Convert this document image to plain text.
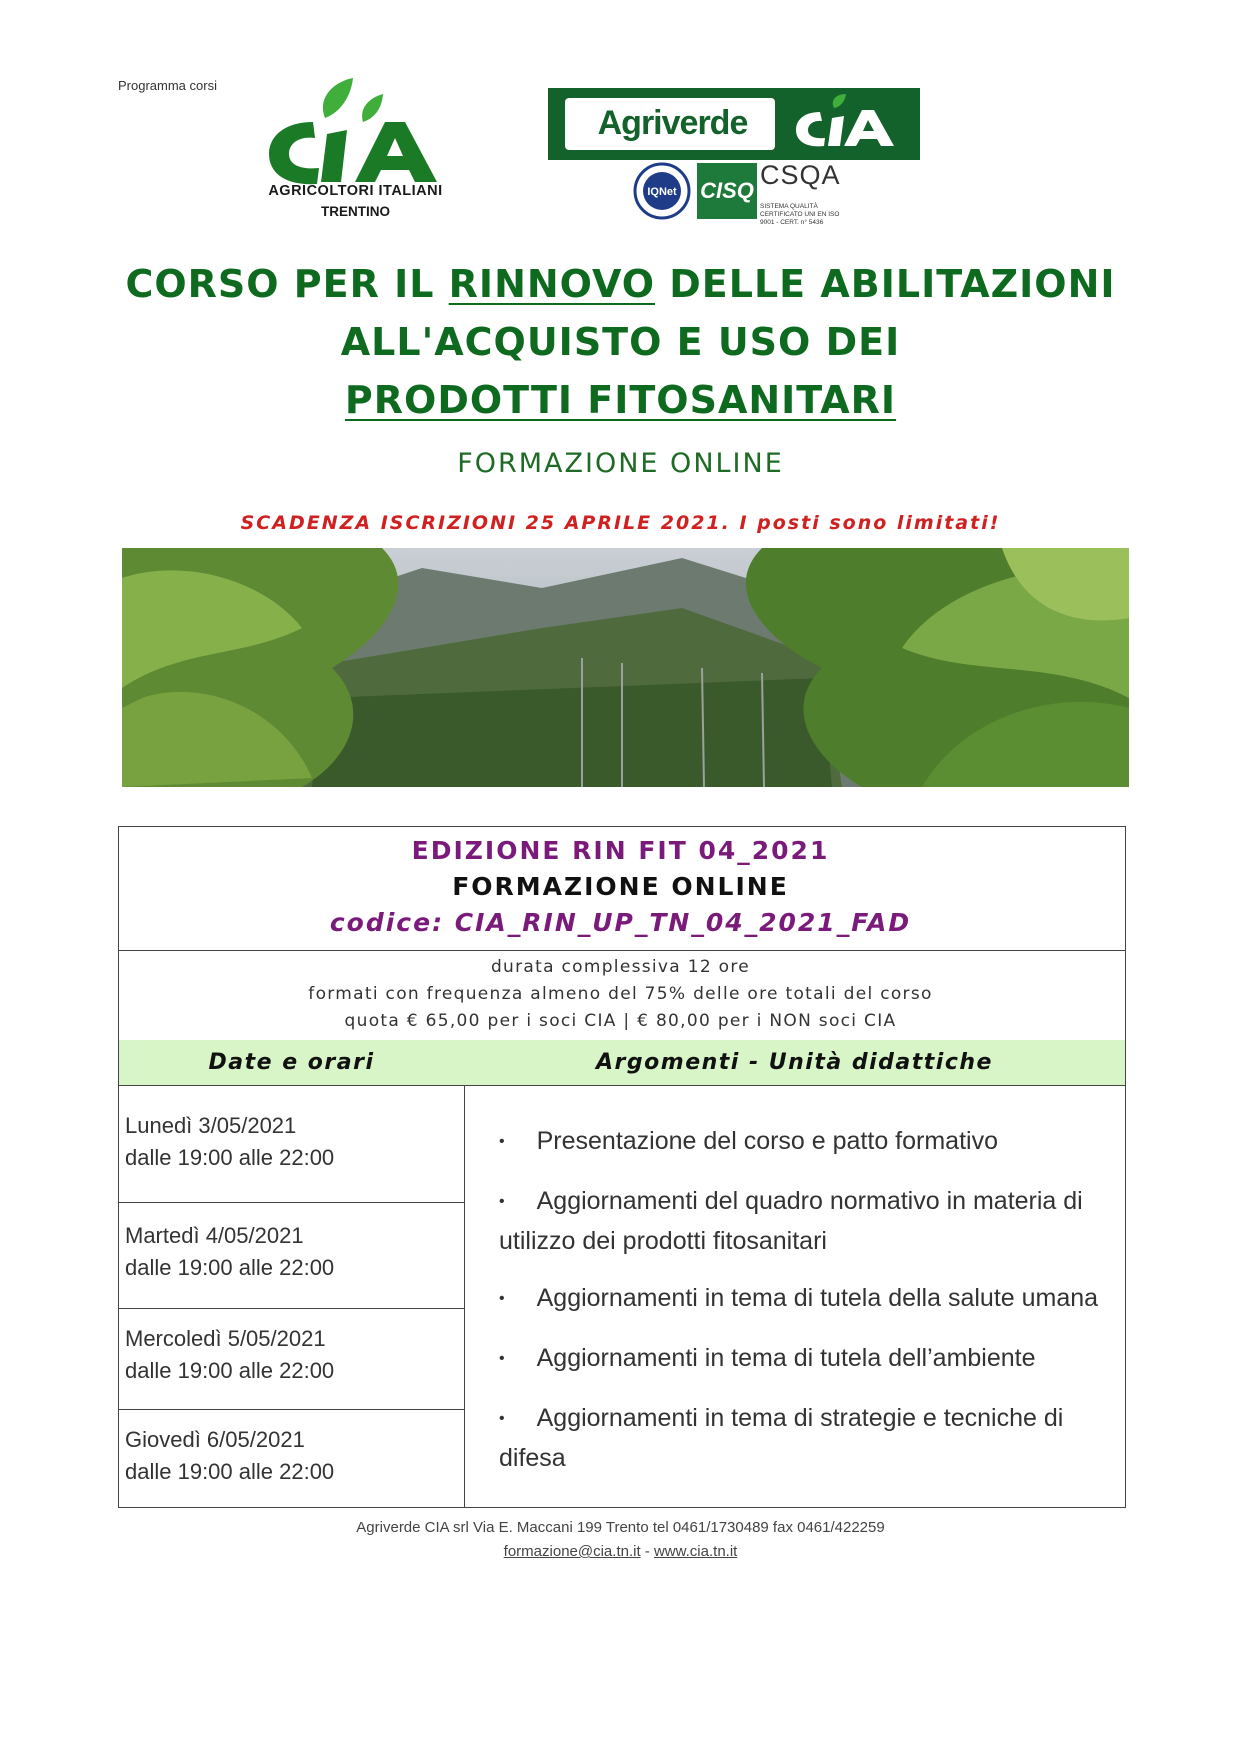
Programma corsi
AGRICOLTORI ITALIANI
TRENTINO
Agriverde
IQNet CISQ
CSQA
SISTEMA QUALITÀ CERTIFICATO UNI EN ISO 9001 - CERT. n° 5436
CORSO PER IL RINNOVO DELLE ABILITAZIONI
ALL'ACQUISTO E USO DEI
PRODOTTI FITOSANITARI
FORMAZIONE ONLINE
SCADENZA ISCRIZIONI 25 APRILE 2021. I posti sono limitati!
EDIZIONE RIN FIT 04_2021
FORMAZIONE ONLINE
codice: CIA_RIN_UP_TN_04_2021_FAD
durata complessiva 12 ore
formati con frequenza almeno del 75% delle ore totali del corso
quota € 65,00 per i soci CIA | € 80,00 per i NON soci CIA
Date e orari	Argomenti - Unità didattiche
Lunedì 3/05/2021
dalle 19:00 alle 22:00
Martedì 4/05/2021
dalle 19:00 alle 22:00
Mercoledì 5/05/2021
dalle 19:00 alle 22:00
Giovedì 6/05/2021
dalle 19:00 alle 22:00
• Presentazione del corso e patto formativo
• Aggiornamenti del quadro normativo in materia di utilizzo dei prodotti fitosanitari
• Aggiornamenti in tema di tutela della salute umana
• Aggiornamenti in tema di tutela dell’ambiente
• Aggiornamenti in tema di strategie e tecniche di difesa
Agriverde CIA srl Via E. Maccani 199 Trento tel 0461/1730489 fax 0461/422259
formazione@cia.tn.it - www.cia.tn.it
